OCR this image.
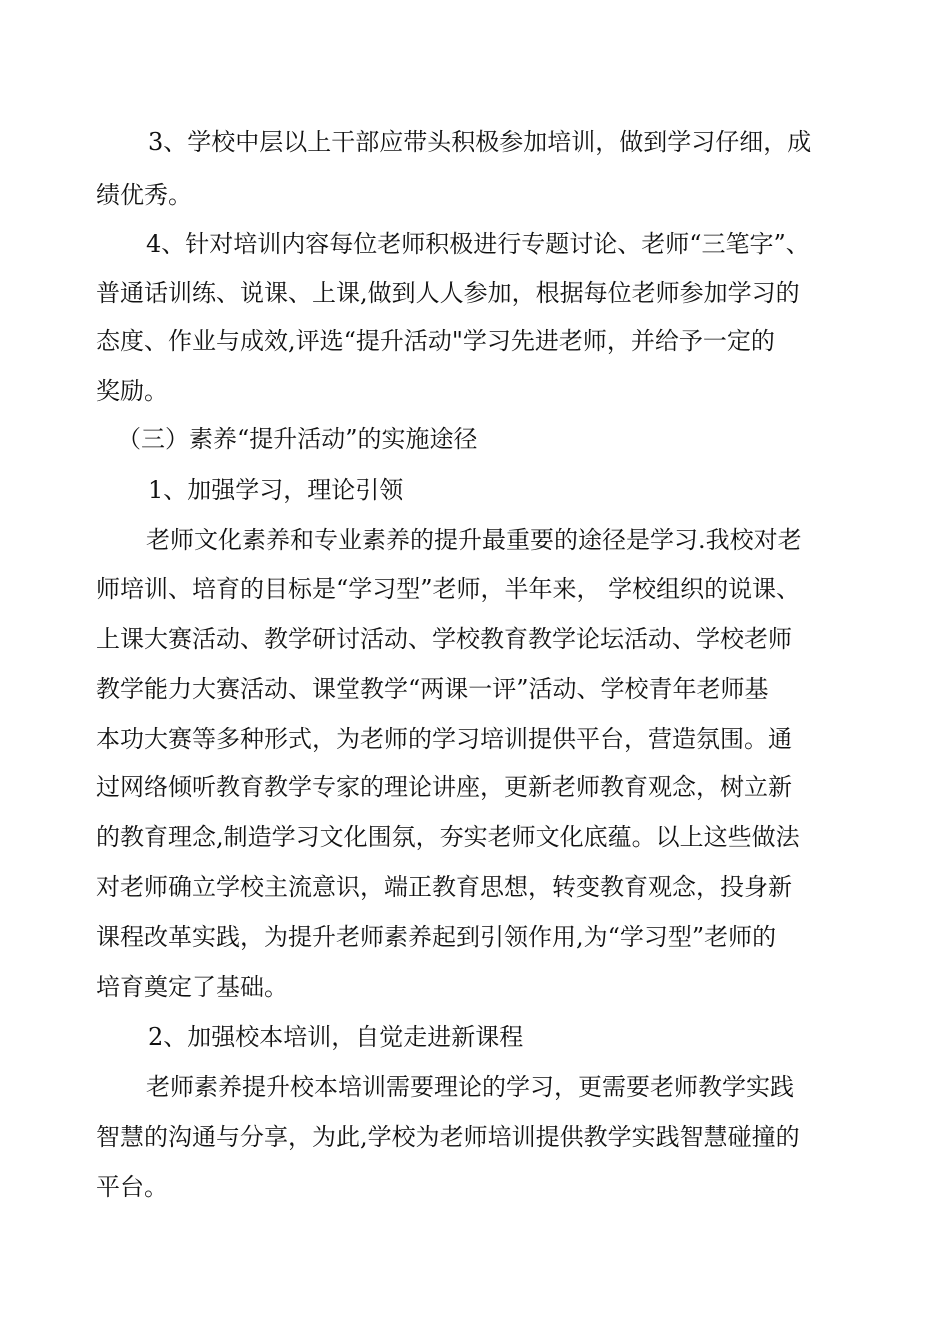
3、学校中层以上干部应带头积极参加培训，做到学习仔细，成

绩优秀。

4、针对培训内容每位老师积极进行专题讨论、老师“三笔字”、

普通话训练、说课、上课,做到人人参加，根据每位老师参加学习的

态度、作业与成效,评选“提升活动"学习先进老师，并给予一定的

奖励。

（三）素养“提升活动”的实施途径

1、加强学习，理论引领

老师文化素养和专业素养的提升最重要的途径是学习.我校对老

师培训、培育的目标是“学习型”老师，半年来， 学校组织的说课、

上课大赛活动、教学研讨活动、学校教育教学论坛活动、学校老师

教学能力大赛活动、课堂教学“两课一评”活动、学校青年老师基

本功大赛等多种形式，为老师的学习培训提供平台，营造氛围。通

过网络倾听教育教学专家的理论讲座，更新老师教育观念，树立新

的教育理念,制造学习文化围氛，夯实老师文化底蕴。以上这些做法

对老师确立学校主流意识，端正教育思想，转变教育观念，投身新

课程改革实践，为提升老师素养起到引领作用,为“学习型”老师的

培育奠定了基础。

2、加强校本培训，自觉走进新课程

老师素养提升校本培训需要理论的学习，更需要老师教学实践

智慧的沟通与分享，为此,学校为老师培训提供教学实践智慧碰撞的

平台。
